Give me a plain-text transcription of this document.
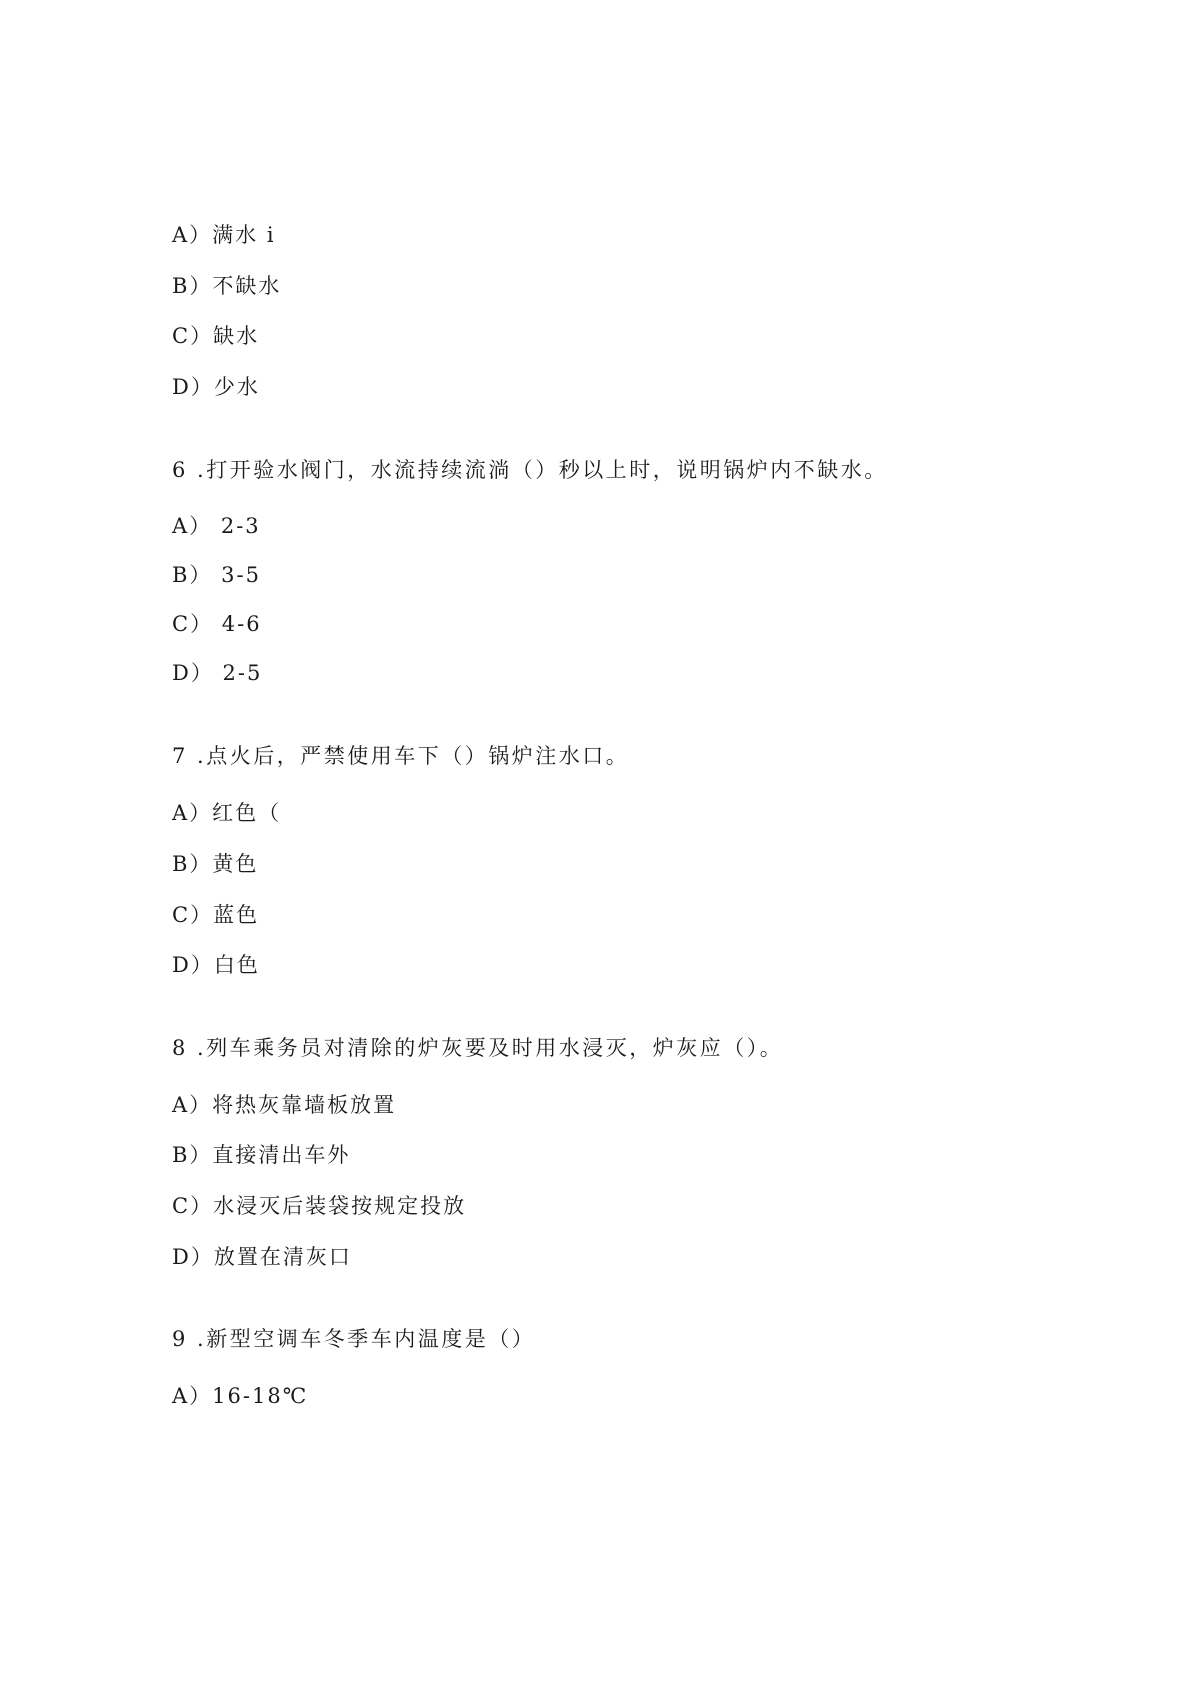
A）满水 i
B）不缺水
C）缺水
D）少水
6 .打开验水阀门，水流持续流淌（）秒以上时，说明锅炉内不缺水。
A） 2-3
B） 3-5
C） 4-6
D） 2-5
7 .点火后，严禁使用车下（）锅炉注水口。
A）红色（
B）黄色
C）蓝色
D）白色
8 .列车乘务员对清除的炉灰要及时用水浸灭，炉灰应（）。
A）将热灰靠墙板放置
B）直接清出车外
C）水浸灭后装袋按规定投放
D）放置在清灰口
9 .新型空调车冬季车内温度是（）
A）16-18℃
